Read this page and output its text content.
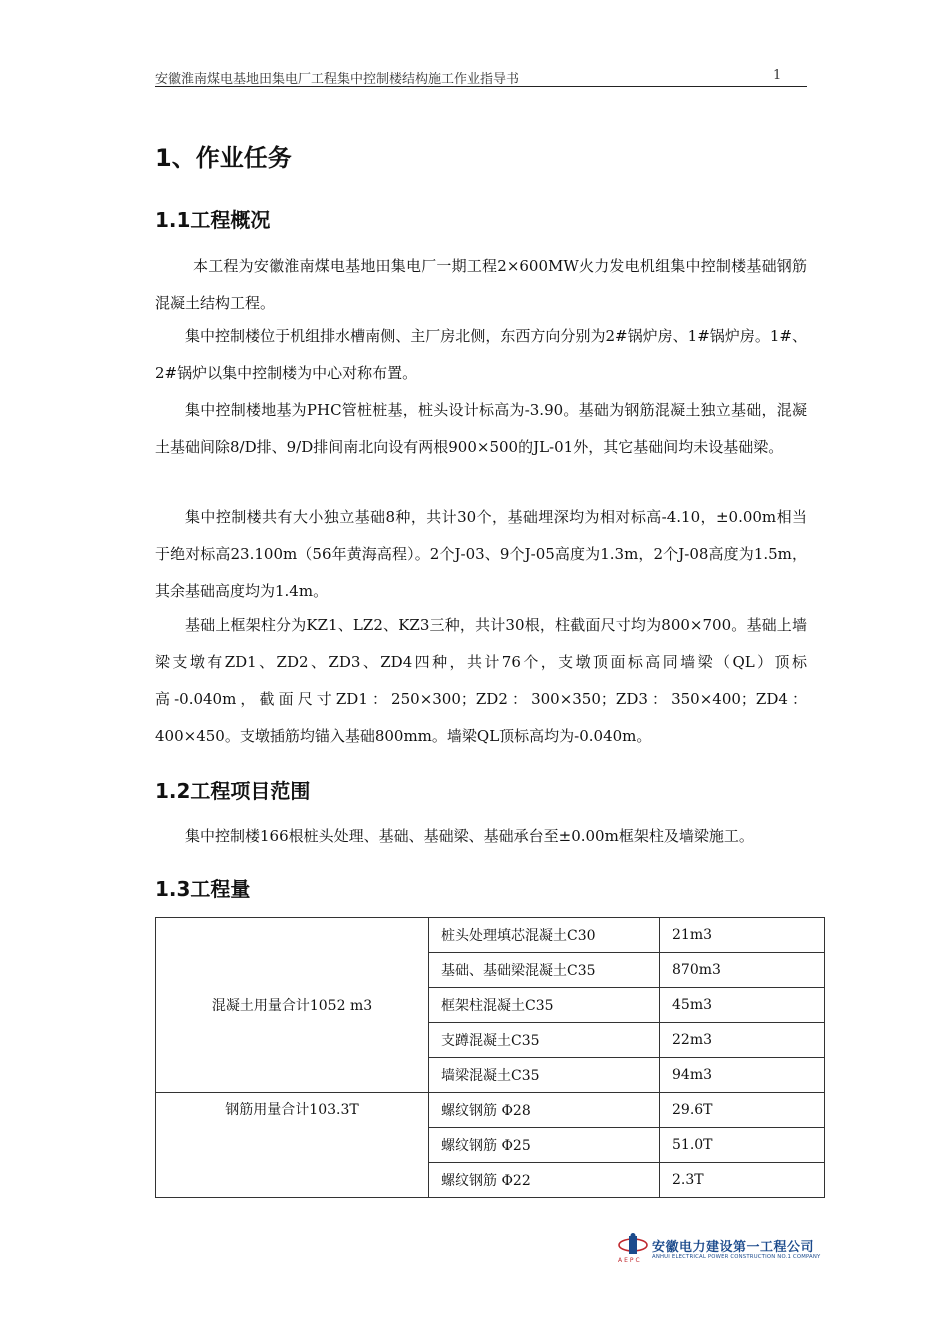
安徽淮南煤电基地田集电厂工程集中控制楼结构施工作业指导书	1
1、作业任务
1.1工程概况

本工程为安徽淮南煤电基地田集电厂一期工程2×600MW火力发电机组集中控制楼基础钢筋混凝土结构工程。

集中控制楼位于机组排水槽南侧、主厂房北侧，东西方向分别为2#锅炉房、1#锅炉房。1#、2#锅炉以集中控制楼为中心对称布置。

集中控制楼地基为PHC管桩桩基，桩头设计标高为-3.90。基础为钢筋混凝土独立基础，混凝土基础间除8/D排、9/D排间南北向设有两根900×500的JL-01外，其它基础间均未设基础梁。

集中控制楼共有大小独立基础8种，共计30个，基础埋深均为相对标高-4.10，±0.00m相当于绝对标高23.100m（56年黄海高程）。2个J-03、9个J-05高度为1.3m，2个J-08高度为1.5m，其余基础高度均为1.4m。

基础上框架柱分为KZ1、LZ2、KZ3三种，共计30根，柱截面尺寸均为800×700。基础上墙梁支墩有ZD1、ZD2、ZD3、ZD4四种，共计76个，支墩顶面标高同墙梁（QL）顶标高-0.040m，截面尺寸ZD1：250×300；ZD2：300×350；ZD3：350×400；ZD4：400×450。支墩插筋均锚入基础800mm。墙梁QL顶标高均为-0.040m。

1.2工程项目范围

集中控制楼166根桩头处理、基础、基础梁、基础承台至±0.00m框架柱及墙梁施工。

1.3工程量
混凝土用量合计1052 m3	桩头处理填芯混凝土C30	21m3
	基础、基础梁混凝土C35	870m3
	框架柱混凝土C35	45m3
	支蹲混凝土C35	22m3
	墙梁混凝土C35	94m3
钢筋用量合计103.3T	螺纹钢筋 Φ28	29.6T
	螺纹钢筋 Φ25	51.0T
	螺纹钢筋 Φ22	2.3T
AEPC
安徽电力建设第一工程公司
ANHUI ELECTRICAL POWER CONSTRUCTION NO.1 COMPANY
